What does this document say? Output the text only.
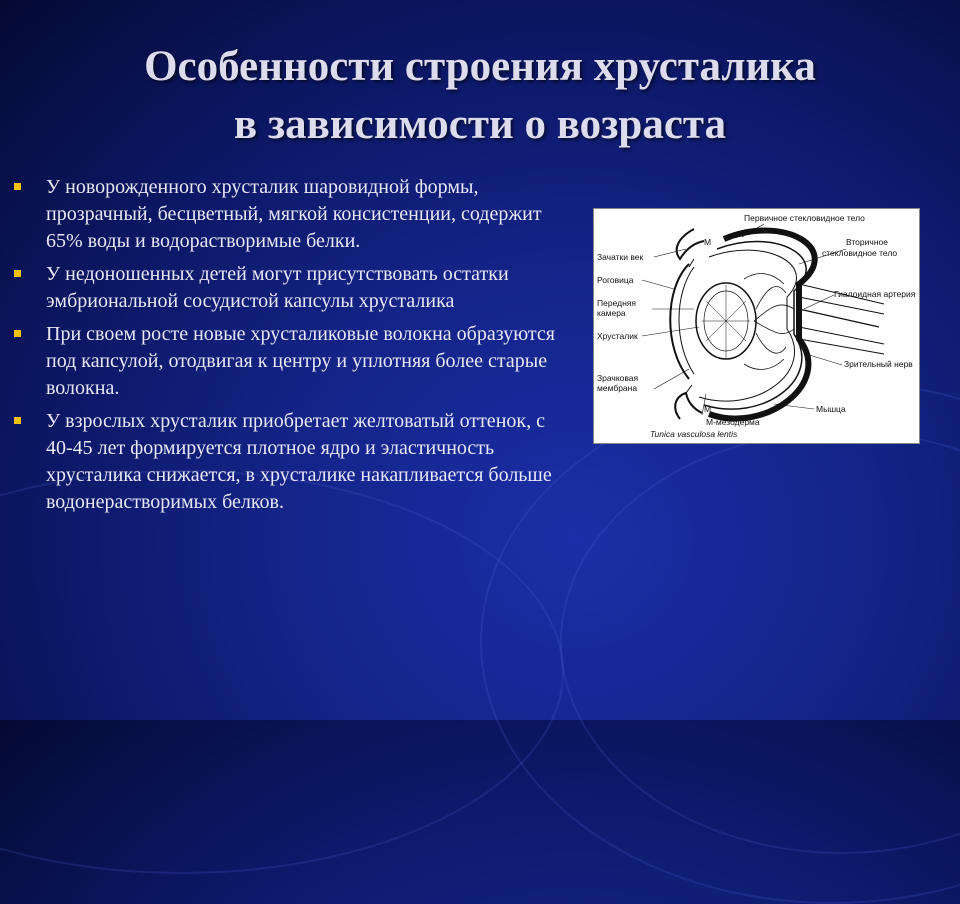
Особенности строения хрусталика
в зависимости о возраста
У новорожденного хрусталик шаровидной формы, прозрачный, бесцветный, мягкой консистенции, содержит 65% воды и водорастворимые белки.
У недоношенных детей могут присутствовать остатки эмбриональной сосудистой капсулы хрусталика
При своем росте новые хрусталиковые волокна образуются под капсулой, отодвигая к центру и уплотняя более старые волокна.
У взрослых хрусталик приобретает желтоватый оттенок, с 40-45 лет формируется плотное ядро и эластичность хрусталика снижается, в хрусталике накапливается больше водонерастворимых белков.
Первичное стекловидное тело
Вторичное
стекловидное тело
М
Зачатки век
Роговица
Передняя
камера
Хрусталик
Гиалоидная артерия
Зрительный нерв
Зрачковая
мембрана
Мышца
М
М-мезодерма
Tunica vasculosa lentis
